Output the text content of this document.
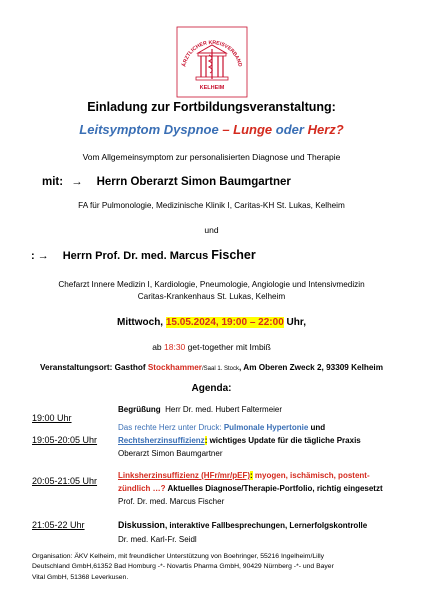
ÄRZTLICHER KREISVERBAND
KELHEIM
Einladung zur Fortbildungsveranstaltung:
Leitsymptom Dyspnoe – Lunge oder Herz?
Vom Allgemeinsymptom zur personalisierten Diagnose und Therapie
mit: → Herrn Oberarzt Simon Baumgartner
FA für Pulmonologie, Medizinische Klinik I, Caritas-KH St. Lukas, Kelheim
und
: → Herrn Prof. Dr. med. Marcus Fischer
Chefarzt Innere Medizin I, Kardiologie, Pneumologie, Angiologie und Intensivmedizin
Caritas-Krankenhaus St. Lukas, Kelheim
Mittwoch, 15.05.2024, 19:00 – 22:00 Uhr,
ab 18:30 get-together mit Imbiß
Veranstaltungsort: Gasthof Stockhammer/Saal 1. Stock, Am Oberen Zweck 2, 93309 Kelheim
Agenda:
Begrüßung Herr Dr. med. Hubert Faltermeier
19:00 Uhr
Das rechte Herz unter Druck: Pulmonale Hypertonie und
19:05-20:05 Uhr	Rechtsherzinsuffizienz: wichtiges Update für die tägliche Praxis
Oberarzt Simon Baumgartner
Linksherzinsuffizienz (HFr/mr/pEF): myogen, ischämisch, postent-
20:05-21:05 Uhr
zündlich …? Aktuelles Diagnose/Therapie-Portfolio, richtig eingesetzt
Prof. Dr. med. Marcus Fischer
21:05-22 Uhr	Diskussion, interaktive Fallbesprechungen, Lernerfolgskontrolle
Dr. med. Karl-Fr. Seidl
Organisation: ÄKV Kelheim, mit freundlicher Unterstützung von Boehringer, 55216 Ingelheim/Lilly
Deutschland GmbH,61352 Bad Homburg -*- Novartis Pharma GmbH, 90429 Nürnberg -*- und Bayer
Vital GmbH, 51368 Leverkusen.
